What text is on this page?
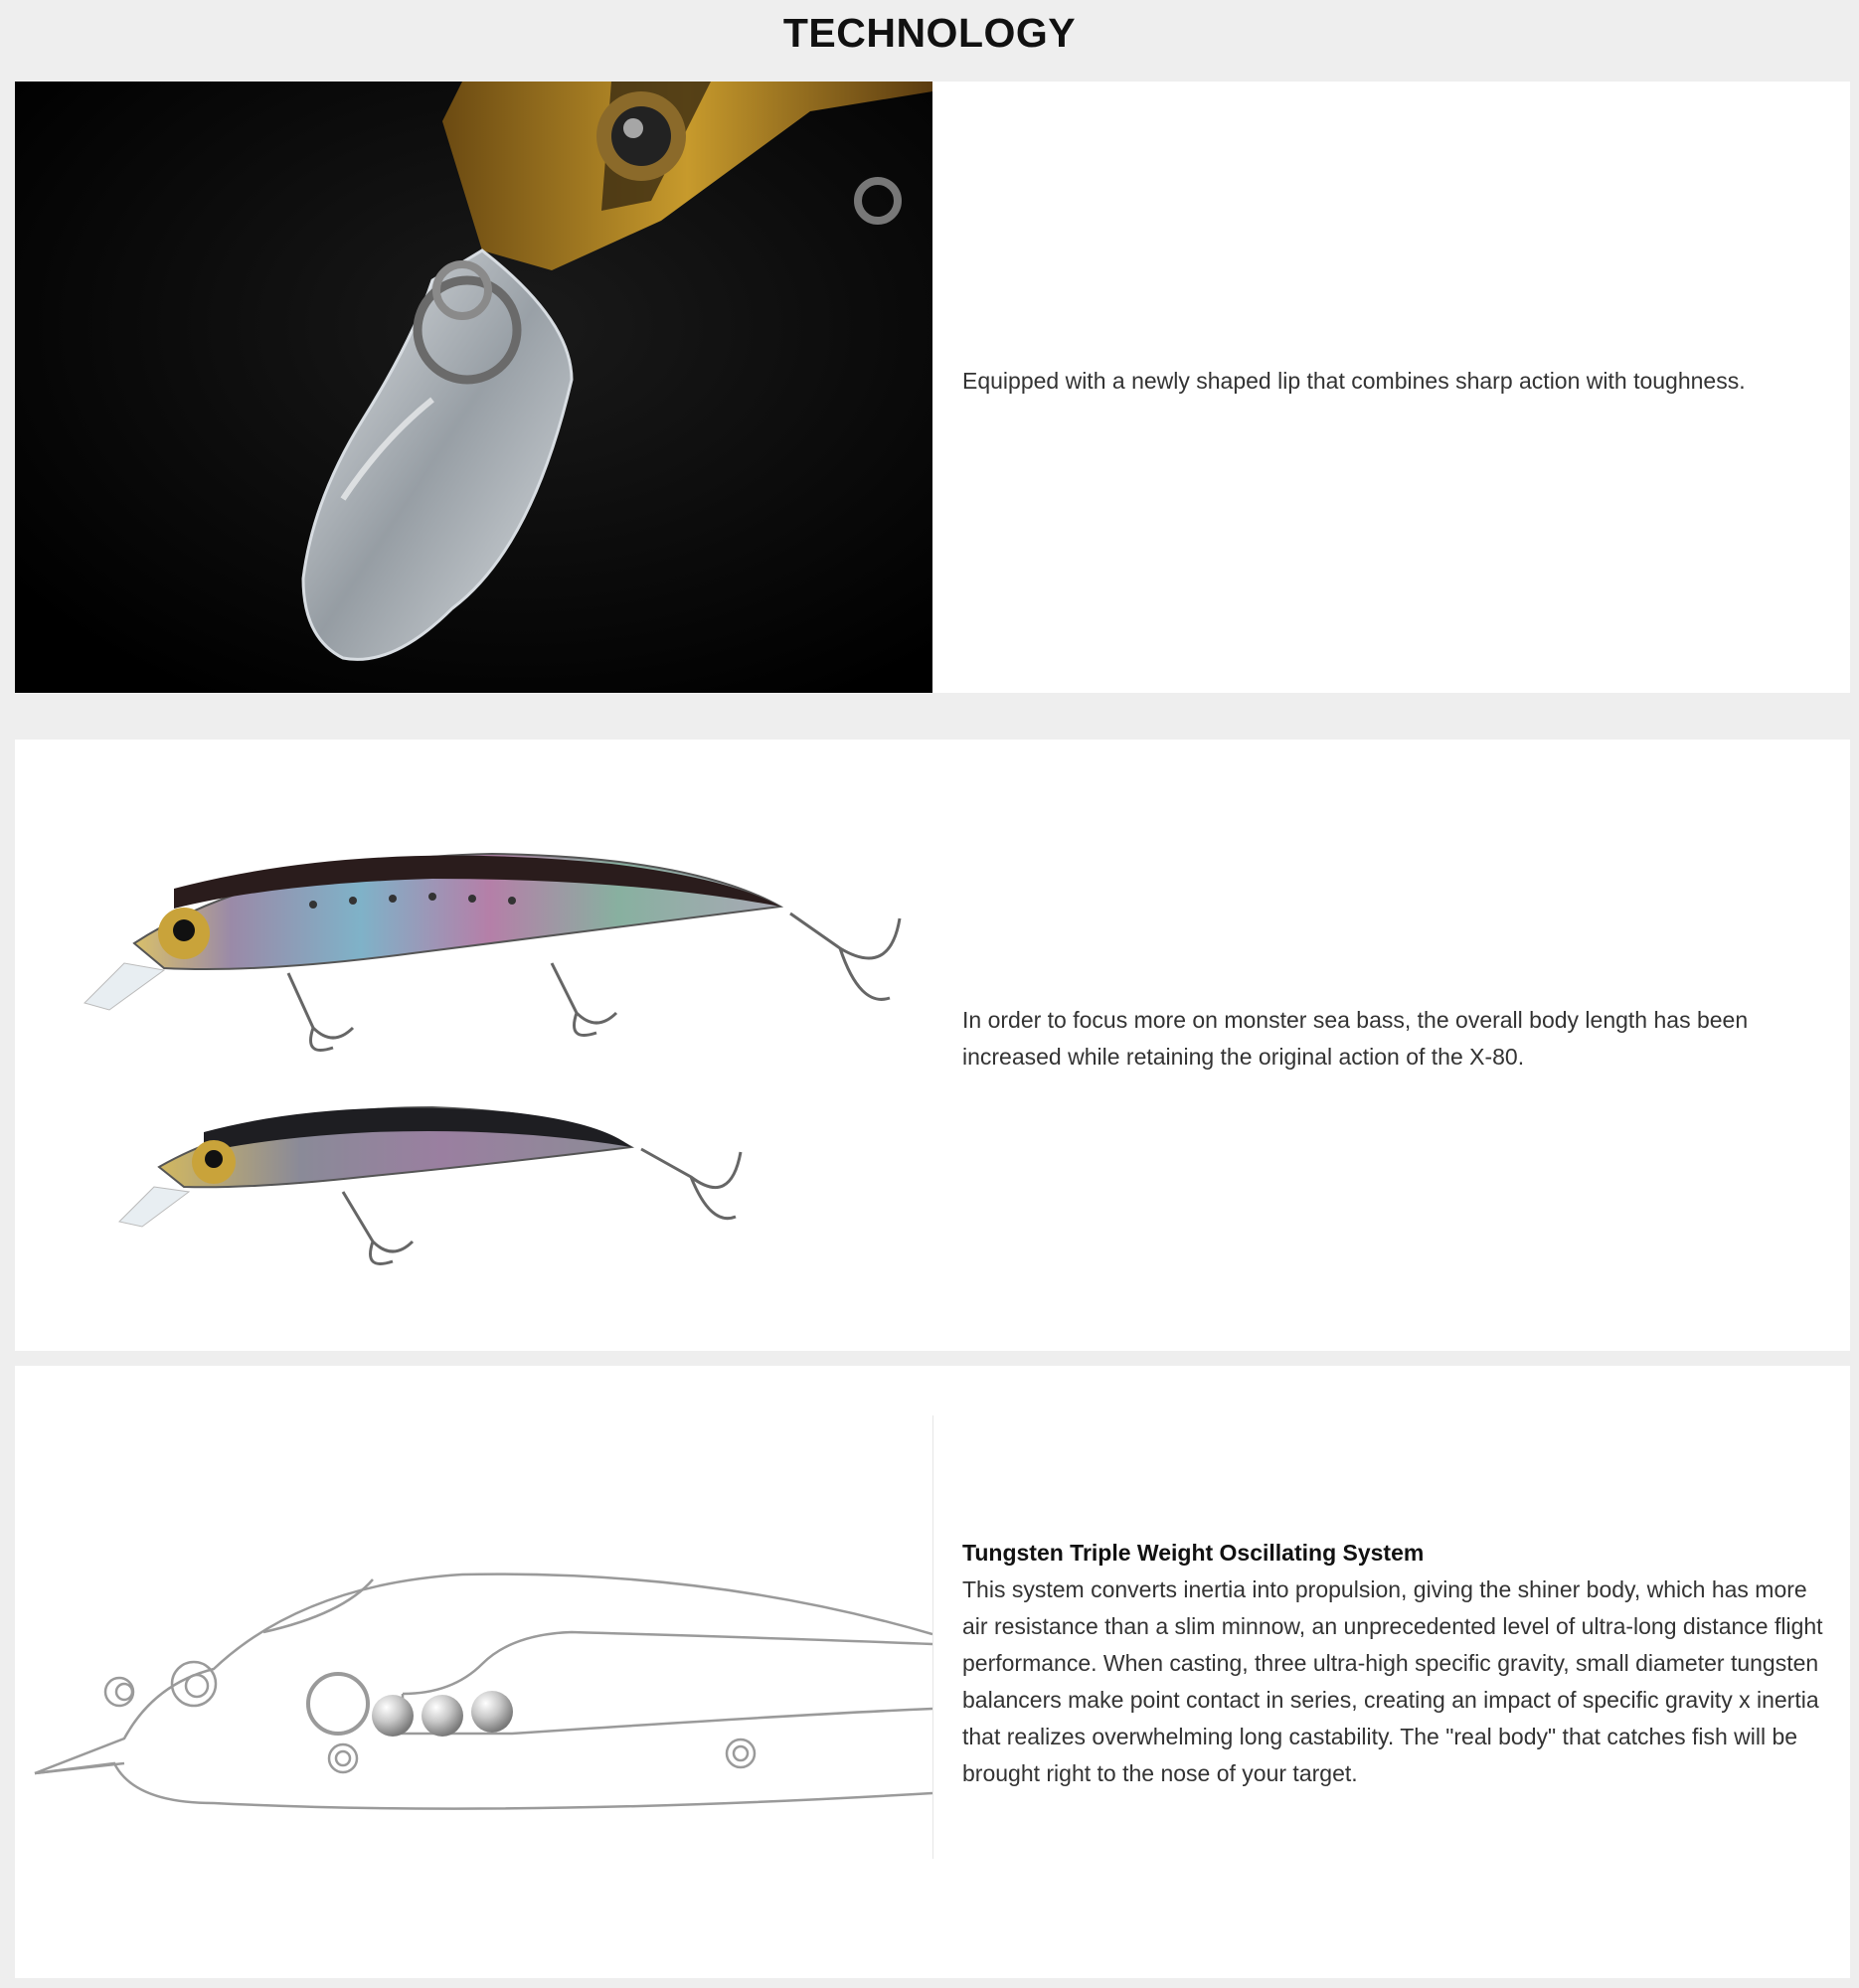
TECHNOLOGY
Equipped with a newly shaped lip that combines sharp action with toughness.
In order to focus more on monster sea bass, the overall body length has been increased while retaining the original action of the X-80.
Tungsten Triple Weight Oscillating System
This system converts inertia into propulsion, giving the shiner body, which has more air resistance than a slim minnow, an unprecedented level of ultra-long distance flight performance. When casting, three ultra-high specific gravity, small diameter tungsten balancers make point contact in series, creating an impact of specific gravity x inertia that realizes overwhelming long castability. The "real body" that catches fish will be brought right to the nose of your target.
